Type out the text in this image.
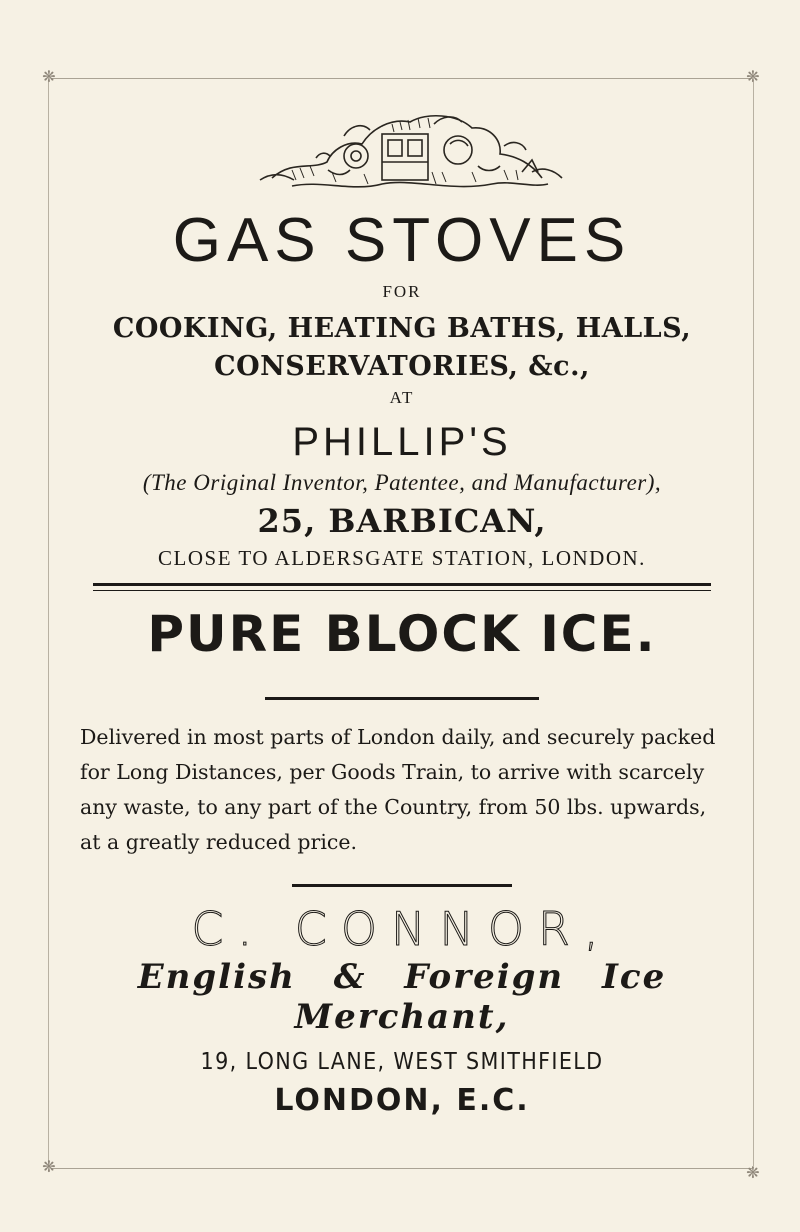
❋	❋
❋	❋
GAS STOVES
FOR
COOKING, HEATING BATHS, HALLS,
CONSERVATORIES, &c.,
AT
PHILLIP'S
(The Original Inventor, Patentee, and Manufacturer),
25, BARBICAN,
CLOSE TO ALDERSGATE STATION, LONDON.
PURE BLOCK ICE.
Delivered in most parts of London daily, and securely packed for Long Distances, per Goods Train, to arrive with scarcely any waste, to any part of the Country, from 50 lbs. upwards, at a greatly reduced price.
C. CONNOR,
English & Foreign Ice Merchant,
19, LONG LANE, WEST SMITHFIELD
LONDON, E.C.
